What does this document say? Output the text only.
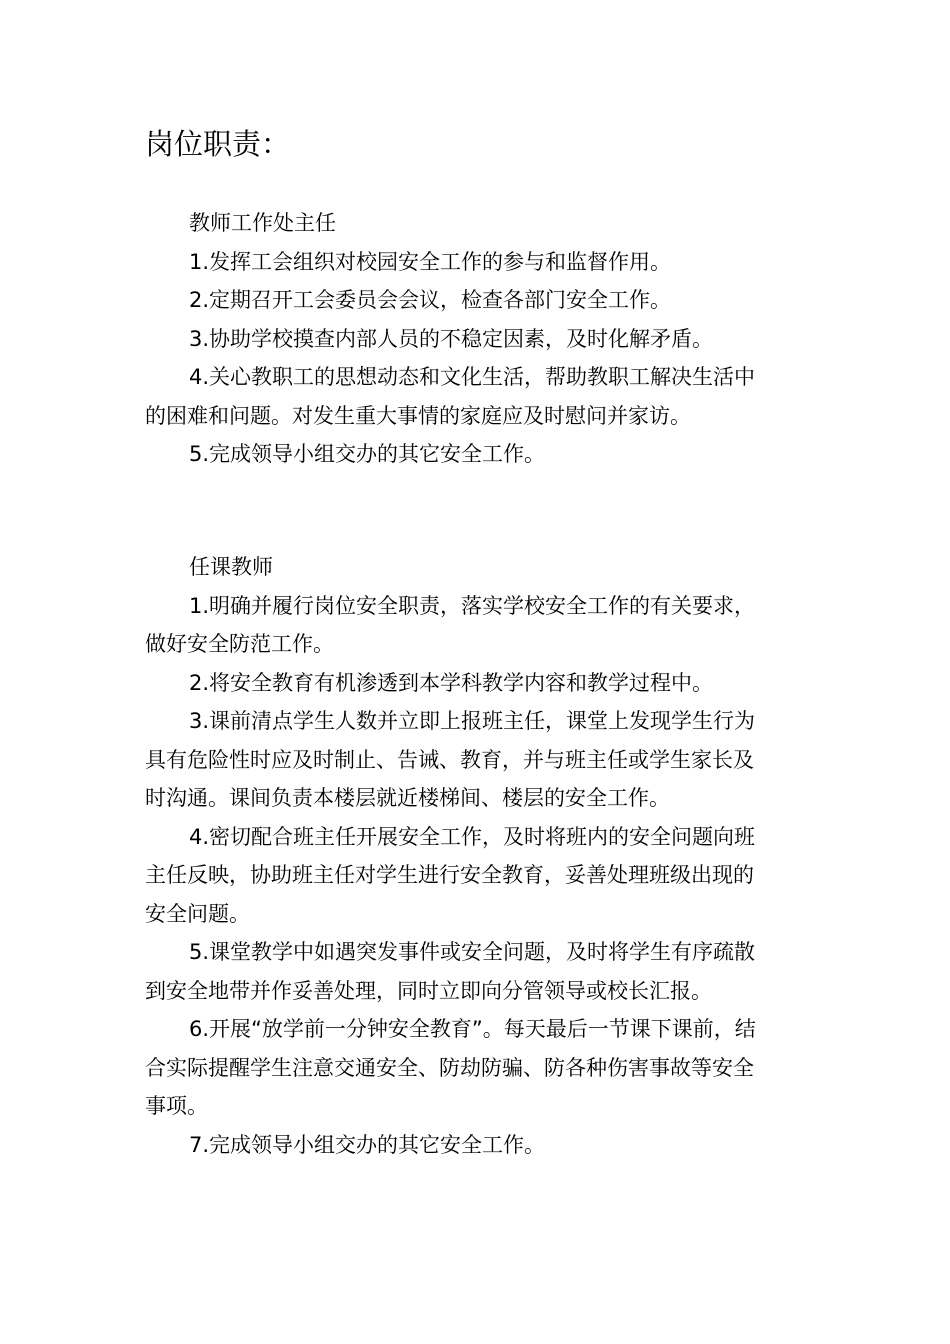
岗位职责：

教师工作处主任

1.发挥工会组织对校园安全工作的参与和监督作用。

2.定期召开工会委员会会议，检查各部门安全工作。

3.协助学校摸查内部人员的不稳定因素，及时化解矛盾。

4.关心教职工的思想动态和文化生活，帮助教职工解决生活中

的困难和问题。对发生重大事情的家庭应及时慰问并家访。

5.完成领导小组交办的其它安全工作。

任课教师

1.明确并履行岗位安全职责，落实学校安全工作的有关要求，

做好安全防范工作。

2.将安全教育有机渗透到本学科教学内容和教学过程中。

3.课前清点学生人数并立即上报班主任，课堂上发现学生行为

具有危险性时应及时制止、告诫、教育，并与班主任或学生家长及

时沟通。课间负责本楼层就近楼梯间、楼层的安全工作。

4.密切配合班主任开展安全工作，及时将班内的安全问题向班

主任反映，协助班主任对学生进行安全教育，妥善处理班级出现的

安全问题。

5.课堂教学中如遇突发事件或安全问题，及时将学生有序疏散

到安全地带并作妥善处理，同时立即向分管领导或校长汇报。

6.开展“放学前一分钟安全教育”。每天最后一节课下课前，结

合实际提醒学生注意交通安全、防劫防骗、防各种伤害事故等安全

事项。

7.完成领导小组交办的其它安全工作。
